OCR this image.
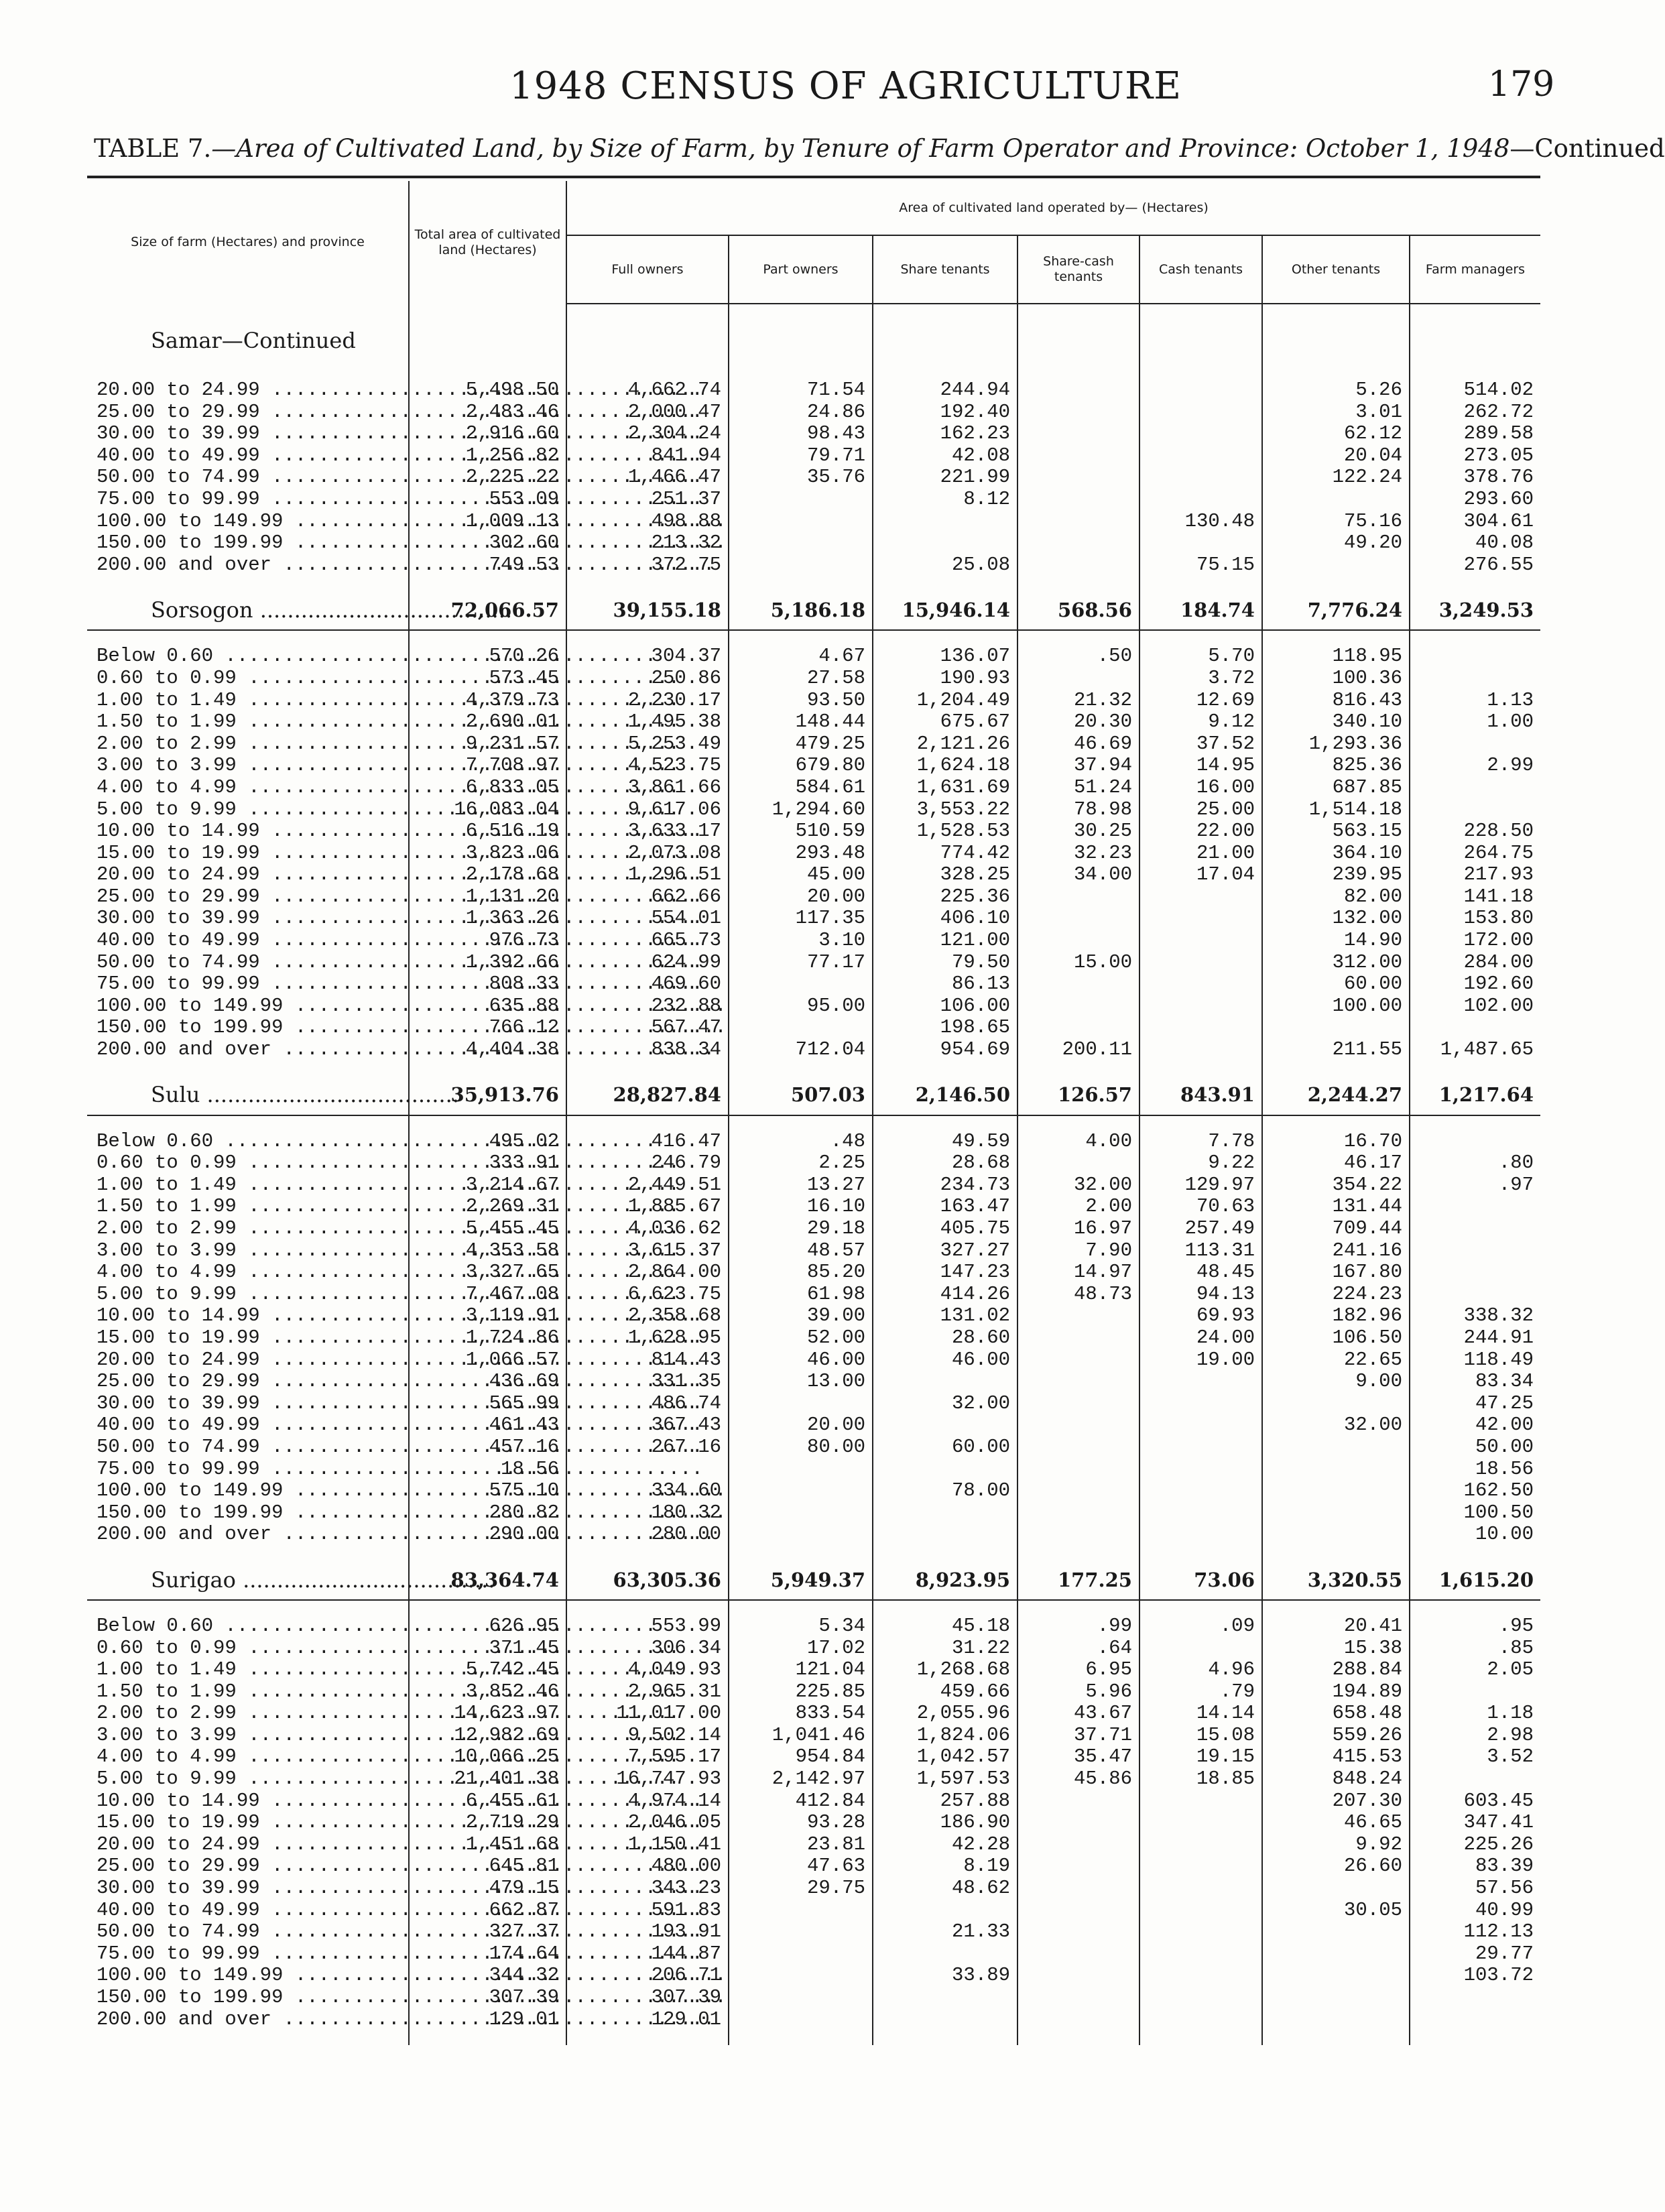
1948 CENSUS OF AGRICULTURE	179
TABLE 7.—Area of Cultivated Land, by Size of Farm, by Tenure of Farm Operator and Province: October 1, 1948—Continued
Size of farm (Hectares) and province	Total area of cultivated land (Hectares)	Area of cultivated land operated by— (Hectares)						
		Full owners	Part owners	Share tenants	Share-cash tenants	Cash tenants	Other tenants	Farm managers

Samar—Continued								

20.00 to 24.99 .....	5,498.50	4,662.74	71.54	244.94			5.26	514.02
25.00 to 29.99 .....	2,483.46	2,000.47	24.86	192.40			3.01	262.72
30.00 to 39.99 .....	2,916.60	2,304.24	98.43	162.23			62.12	289.58
40.00 to 49.99 .....	1,256.82	841.94	79.71	42.08			20.04	273.05
50.00 to 74.99 .....	2,225.22	1,466.47	35.76	221.99			122.24	378.76
75.00 to 99.99 .....	553.09	251.37		8.12				293.60
100.00 to 149.99 .....	1,009.13	498.88				130.48	75.16	304.61
150.00 to 199.99 .....	302.60	213.32					49.20	40.08
200.00 and over .....	749.53	372.75		25.08		75.15		276.55

Sorsogon .....	72,066.57	39,155.18	5,186.18	15,946.14	568.56	184.74	7,776.24	3,249.53

Below 0.60 .....	570.26	304.37	4.67	136.07	.50	5.70	118.95	
0.60 to 0.99 .....	573.45	250.86	27.58	190.93		3.72	100.36	
1.00 to 1.49 .....	4,379.73	2,230.17	93.50	1,204.49	21.32	12.69	816.43	1.13
1.50 to 1.99 .....	2,690.01	1,495.38	148.44	675.67	20.30	9.12	340.10	1.00
2.00 to 2.99 .....	9,231.57	5,253.49	479.25	2,121.26	46.69	37.52	1,293.36	
3.00 to 3.99 .....	7,708.97	4,523.75	679.80	1,624.18	37.94	14.95	825.36	2.99
4.00 to 4.99 .....	6,833.05	3,861.66	584.61	1,631.69	51.24	16.00	687.85	
5.00 to 9.99 .....	16,083.04	9,617.06	1,294.60	3,553.22	78.98	25.00	1,514.18	
10.00 to 14.99 .....	6,516.19	3,633.17	510.59	1,528.53	30.25	22.00	563.15	228.50
15.00 to 19.99 .....	3,823.06	2,073.08	293.48	774.42	32.23	21.00	364.10	264.75
20.00 to 24.99 .....	2,178.68	1,296.51	45.00	328.25	34.00	17.04	239.95	217.93
25.00 to 29.99 .....	1,131.20	662.66	20.00	225.36			82.00	141.18
30.00 to 39.99 .....	1,363.26	554.01	117.35	406.10			132.00	153.80
40.00 to 49.99 .....	976.73	665.73	3.10	121.00			14.90	172.00
50.00 to 74.99 .....	1,392.66	624.99	77.17	79.50	15.00		312.00	284.00
75.00 to 99.99 .....	808.33	469.60		86.13			60.00	192.60
100.00 to 149.99 .....	635.88	232.88	95.00	106.00			100.00	102.00
150.00 to 199.99 .....	766.12	567.47		198.65				
200.00 and over .....	4,404.38	838.34	712.04	954.69	200.11		211.55	1,487.65

Sulu .....	35,913.76	28,827.84	507.03	2,146.50	126.57	843.91	2,244.27	1,217.64

Below 0.60 .....	495.02	416.47	.48	49.59	4.00	7.78	16.70	
0.60 to 0.99 .....	333.91	246.79	2.25	28.68		9.22	46.17	.80
1.00 to 1.49 .....	3,214.67	2,449.51	13.27	234.73	32.00	129.97	354.22	.97
1.50 to 1.99 .....	2,269.31	1,885.67	16.10	163.47	2.00	70.63	131.44	
2.00 to 2.99 .....	5,455.45	4,036.62	29.18	405.75	16.97	257.49	709.44	
3.00 to 3.99 .....	4,353.58	3,615.37	48.57	327.27	7.90	113.31	241.16	
4.00 to 4.99 .....	3,327.65	2,864.00	85.20	147.23	14.97	48.45	167.80	
5.00 to 9.99 .....	7,467.08	6,623.75	61.98	414.26	48.73	94.13	224.23	
10.00 to 14.99 .....	3,119.91	2,358.68	39.00	131.02		69.93	182.96	338.32
15.00 to 19.99 .....	1,724.86	1,628.95	52.00	28.60		24.00	106.50	244.91
20.00 to 24.99 .....	1,066.57	814.43	46.00	46.00		19.00	22.65	118.49
25.00 to 29.99 .....	436.69	331.35	13.00				9.00	83.34
30.00 to 39.99 .....	565.99	486.74		32.00				47.25
40.00 to 49.99 .....	461.43	367.43	20.00				32.00	42.00
50.00 to 74.99 .....	457.16	267.16	80.00	60.00				50.00
75.00 to 99.99 .....	18.56							18.56
100.00 to 149.99 .....	575.10	334.60		78.00				162.50
150.00 to 199.99 .....	280.82	180.32						100.50
200.00 and over .....	290.00	280.00						10.00

Surigao .....	83,364.74	63,305.36	5,949.37	8,923.95	177.25	73.06	3,320.55	1,615.20

Below 0.60 .....	626.95	553.99	5.34	45.18	.99	.09	20.41	.95
0.60 to 0.99 .....	371.45	306.34	17.02	31.22	.64		15.38	.85
1.00 to 1.49 .....	5,742.45	4,049.93	121.04	1,268.68	6.95	4.96	288.84	2.05
1.50 to 1.99 .....	3,852.46	2,965.31	225.85	459.66	5.96	.79	194.89	
2.00 to 2.99 .....	14,623.97	11,017.00	833.54	2,055.96	43.67	14.14	658.48	1.18
3.00 to 3.99 .....	12,982.69	9,502.14	1,041.46	1,824.06	37.71	15.08	559.26	2.98
4.00 to 4.99 .....	10,066.25	7,595.17	954.84	1,042.57	35.47	19.15	415.53	3.52
5.00 to 9.99 .....	21,401.38	16,747.93	2,142.97	1,597.53	45.86	18.85	848.24	
10.00 to 14.99 .....	6,455.61	4,974.14	412.84	257.88			207.30	603.45
15.00 to 19.99 .....	2,719.29	2,046.05	93.28	186.90			46.65	347.41
20.00 to 24.99 .....	1,451.68	1,150.41	23.81	42.28			9.92	225.26
25.00 to 29.99 .....	645.81	480.00	47.63	8.19			26.60	83.39
30.00 to 39.99 .....	479.15	343.23	29.75	48.62				57.56
40.00 to 49.99 .....	662.87	591.83					30.05	40.99
50.00 to 74.99 .....	327.37	193.91		21.33				112.13
75.00 to 99.99 .....	174.64	144.87						29.77
100.00 to 149.99 .....	344.32	206.71		33.89				103.72
150.00 to 199.99 .....	307.39	307.39						
200.00 and over .....	129.01	129.01						
